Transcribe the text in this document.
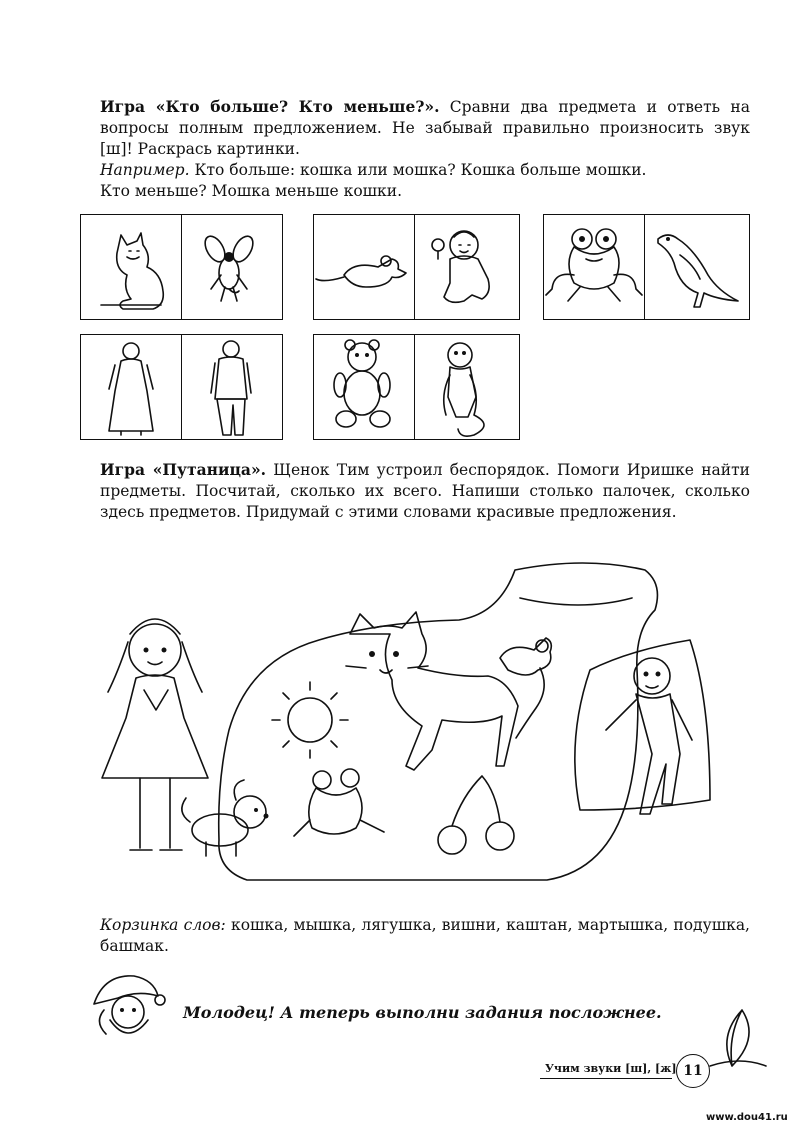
Игра «Кто больше? Кто меньше?». Сравни два предмета и ответь на вопросы полным предложением. Не забывай правильно произносить звук [ш]! Раскрась картинки.
Например. Кто больше: кошка или мошка? Кошка больше мошки.
Кто меньше? Мошка меньше кошки.
Игра «Путаница». Щенок Тим устроил беспорядок. Помоги Иришке найти предметы. Посчитай, сколько их всего. Напиши столько палочек, сколько здесь предметов. Придумай с этими словами красивые предложения.
Корзинка слов: кошка, мышка, лягушка, вишни, каштан, мартышка, подушка, башмак.
Молодец! А теперь выполни задания посложнее.
Учим звуки [ш], [ж] 11
www.dou41.ru
